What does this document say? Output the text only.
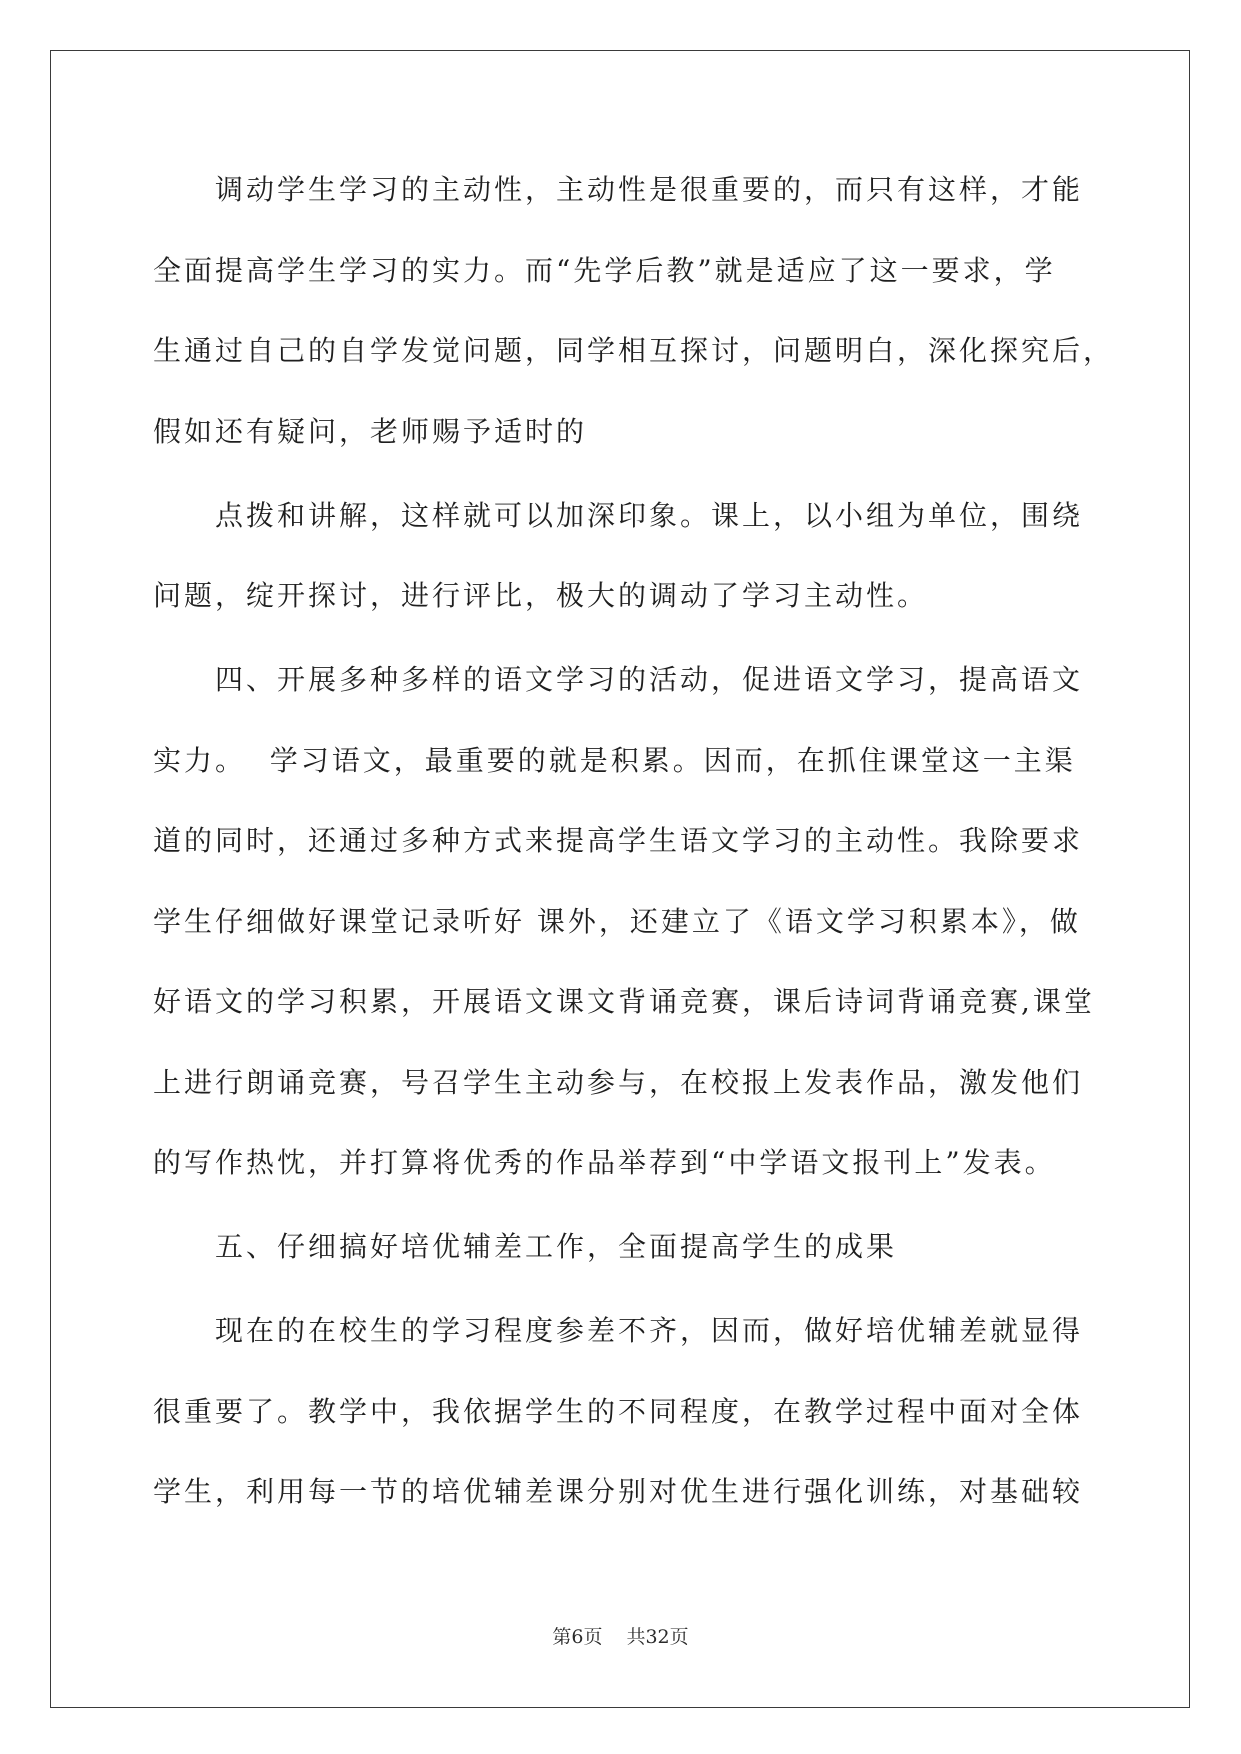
调动学生学习的主动性，主动性是很重要的，而只有这样，才能
全面提高学生学习的实力。而“先学后教”就是适应了这一要求，学
生通过自己的自学发觉问题，同学相互探讨，问题明白，深化探究后，
假如还有疑问，老师赐予适时的
点拨和讲解，这样就可以加深印象。课上，以小组为单位，围绕
问题，绽开探讨，进行评比，极大的调动了学习主动性。
四、开展多种多样的语文学习的活动，促进语文学习，提高语文
实力。  学习语文，最重要的就是积累。因而，在抓住课堂这一主渠
道的同时，还通过多种方式来提高学生语文学习的主动性。我除要求
学生仔细做好课堂记录听好 课外，还建立了《语文学习积累本》，做
好语文的学习积累，开展语文课文背诵竞赛，课后诗词背诵竞赛,课堂
上进行朗诵竞赛，号召学生主动参与，在校报上发表作品，激发他们
的写作热忱，并打算将优秀的作品举荐到“中学语文报刊上”发表。
五、仔细搞好培优辅差工作，全面提高学生的成果
现在的在校生的学习程度参差不齐，因而，做好培优辅差就显得
很重要了。教学中，我依据学生的不同程度，在教学过程中面对全体
学生，利用每一节的培优辅差课分别对优生进行强化训练，对基础较
第6页 共32页
